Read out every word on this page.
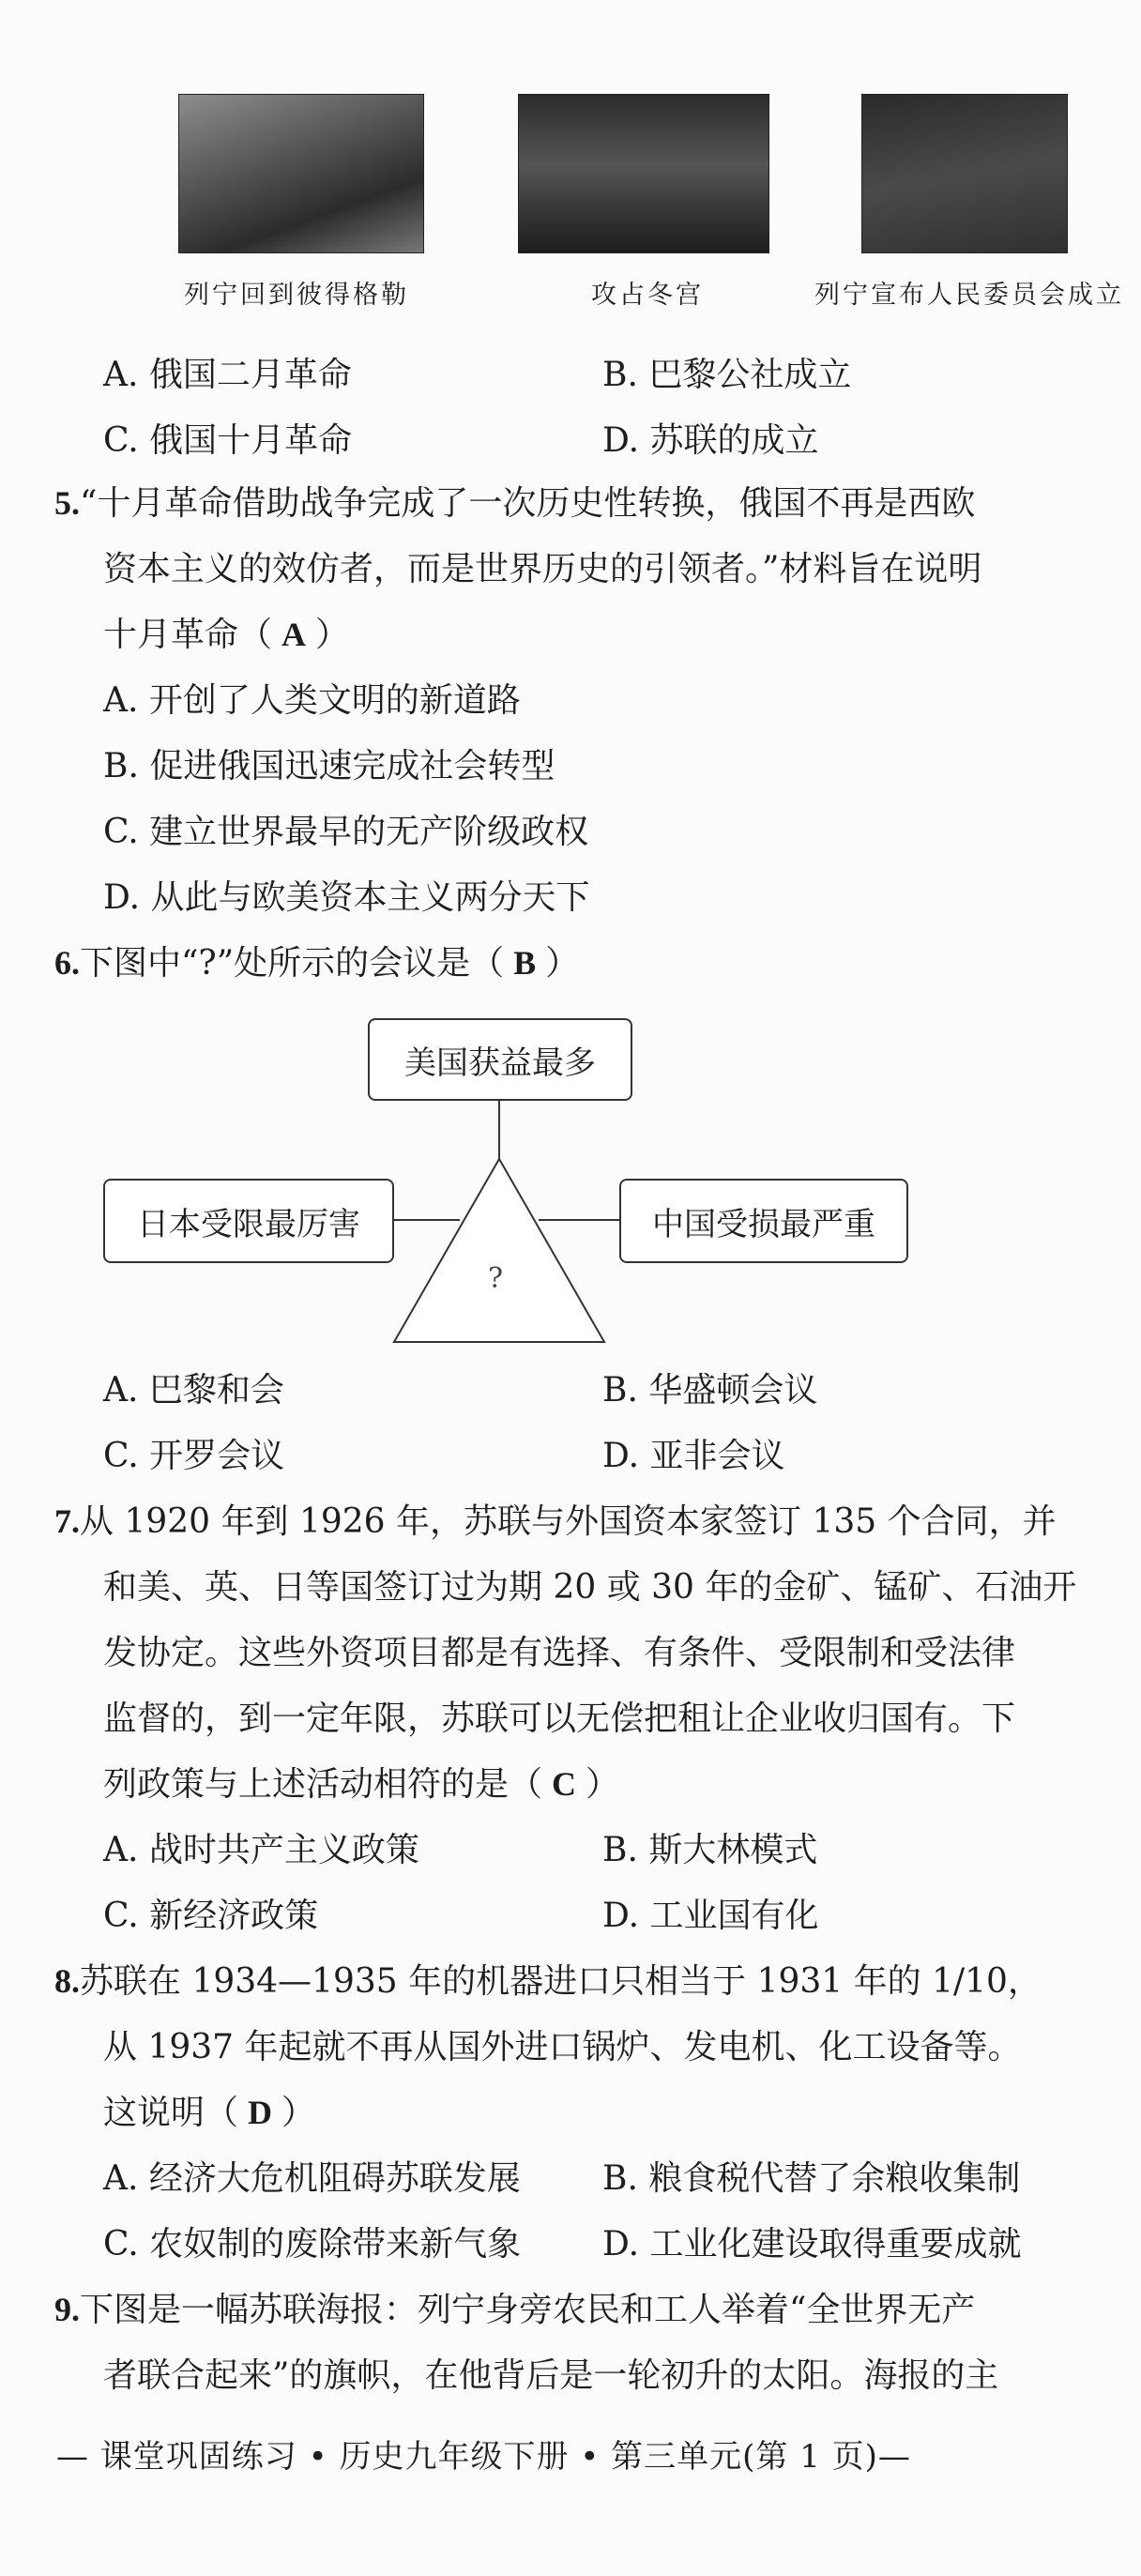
列宁回到彼得格勒	攻占冬宫	列宁宣布人民委员会成立
A. 俄国二月革命	B. 巴黎公社成立
C. 俄国十月革命	D. 苏联的成立
5.“十月革命借助战争完成了一次历史性转换，俄国不再是西欧
资本主义的效仿者，而是世界历史的引领者。”材料旨在说明
十月革命（ A ）
A. 开创了人类文明的新道路
B. 促进俄国迅速完成社会转型
C. 建立世界最早的无产阶级政权
D. 从此与欧美资本主义两分天下
6.下图中“?”处所示的会议是（ B ）
美国获益最多
日本受限最厉害	中国受损最严重
?
A. 巴黎和会	B. 华盛顿会议
C. 开罗会议	D. 亚非会议
7.从 1920 年到 1926 年，苏联与外国资本家签订 135 个合同，并
和美、英、日等国签订过为期 20 或 30 年的金矿、锰矿、石油开
发协定。这些外资项目都是有选择、有条件、受限制和受法律
监督的，到一定年限，苏联可以无偿把租让企业收归国有。下
列政策与上述活动相符的是（ C ）
A. 战时共产主义政策	B. 斯大林模式
C. 新经济政策	D. 工业国有化
8.苏联在 1934—1935 年的机器进口只相当于 1931 年的 1/10，
从 1937 年起就不再从国外进口锅炉、发电机、化工设备等。
这说明（ D ）
A. 经济大危机阻碍苏联发展 B. 粮食税代替了余粮收集制
C. 农奴制的废除带来新气象 D. 工业化建设取得重要成就
9.下图是一幅苏联海报：列宁身旁农民和工人举着“全世界无产
者联合起来”的旗帜，在他背后是一轮初升的太阳。海报的主
— 课堂巩固练习 • 历史九年级下册 • 第三单元(第 1 页)—
